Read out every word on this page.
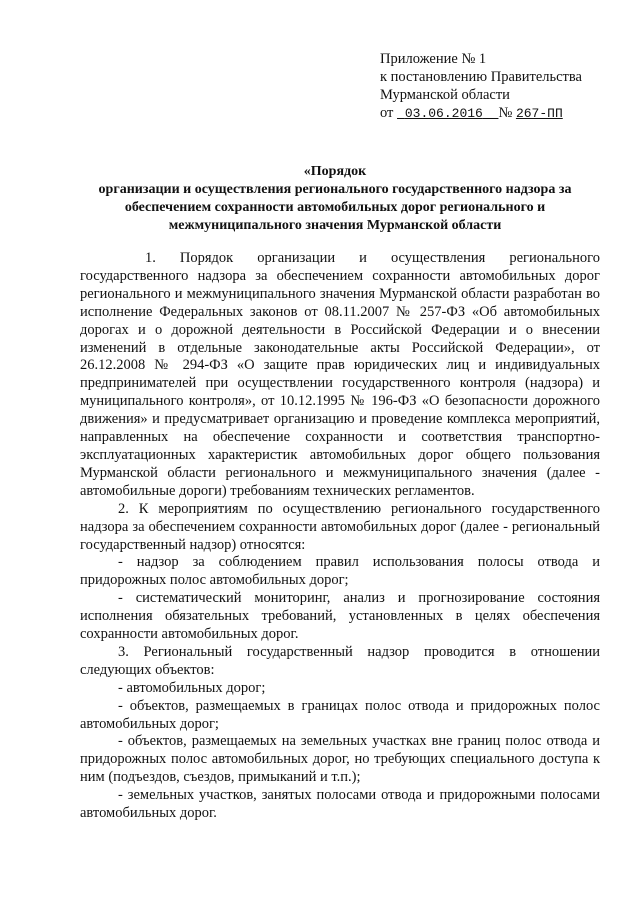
Приложение № 1
к постановлению Правительства
Мурманской области
от 03.06.2016 № 267-ПП
«Порядок
организации и осуществления регионального государственного надзора за
обеспечением сохранности автомобильных дорог регионального и
межмуниципального значения Мурманской области

1. Порядок организации и осуществления регионального государственного надзора за обеспечением сохранности автомобильных дорог регионального и межмуниципального значения Мурманской области разработан во исполнение Федеральных законов от 08.11.2007 № 257-ФЗ «Об автомобильных дорогах и о дорожной деятельности в Российской Федерации и о внесении изменений в отдельные законодательные акты Российской Федерации», от 26.12.2008 № 294-ФЗ «О защите прав юридических лиц и индивидуальных предпринимателей при осуществлении государственного контроля (надзора) и муниципального контроля», от 10.12.1995 № 196-ФЗ «О безопасности дорожного движения» и предусматривает организацию и проведение комплекса мероприятий, направленных на обеспечение сохранности и соответствия транспортно-эксплуатационных характеристик автомобильных дорог общего пользования Мурманской области регионального и межмуниципального значения (далее - автомобильные дороги) требованиям технических регламентов.

2. К мероприятиям по осуществлению регионального государственного надзора за обеспечением сохранности автомобильных дорог (далее - региональный государственный надзор) относятся:

- надзор за соблюдением правил использования полосы отвода и придорожных полос автомобильных дорог;

- систематический мониторинг, анализ и прогнозирование состояния исполнения обязательных требований, установленных в целях обеспечения сохранности автомобильных дорог.

3. Региональный государственный надзор проводится в отношении следующих объектов:

- автомобильных дорог;

- объектов, размещаемых в границах полос отвода и придорожных полос автомобильных дорог;

- объектов, размещаемых на земельных участках вне границ полос отвода и придорожных полос автомобильных дорог, но требующих специального доступа к ним (подъездов, съездов, примыканий и т.п.);

- земельных участков, занятых полосами отвода и придорожными полосами автомобильных дорог.
